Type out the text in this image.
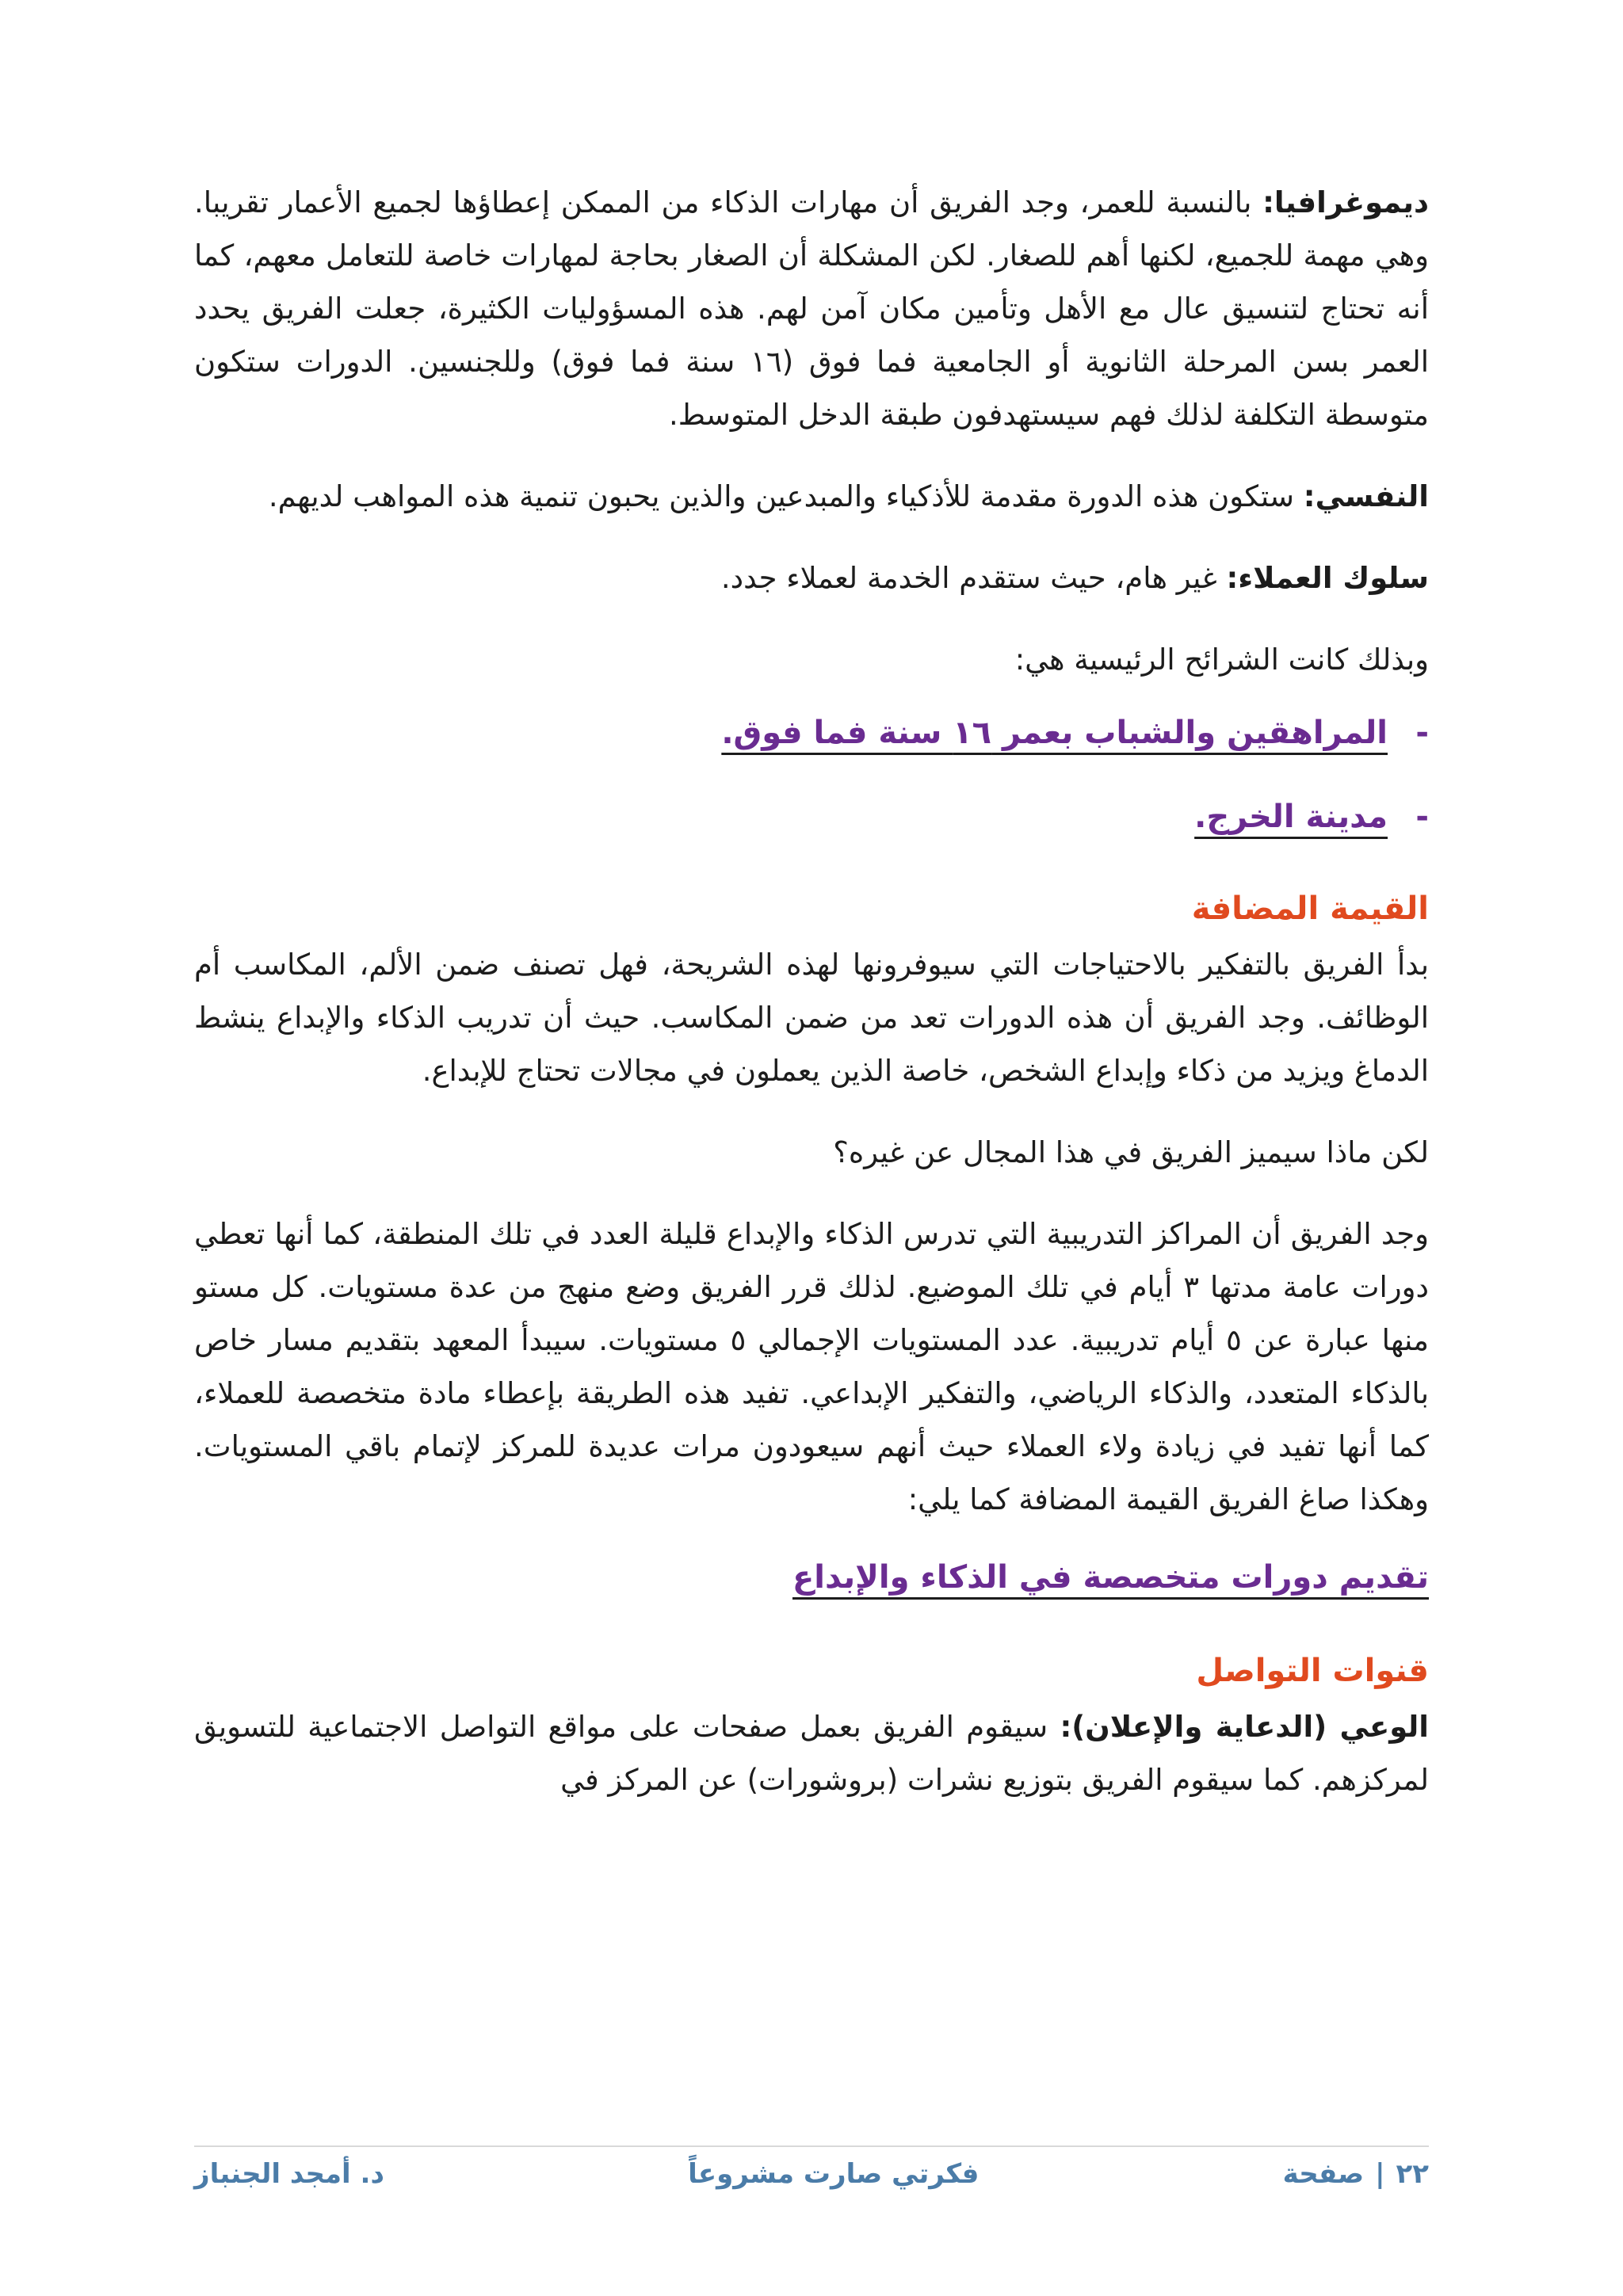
ديموغرافيا: بالنسبة للعمر، وجد الفريق أن مهارات الذكاء من الممكن إعطاؤها لجميع الأعمار تقريبا. وهي مهمة للجميع، لكنها أهم للصغار. لكن المشكلة أن الصغار بحاجة لمهارات خاصة للتعامل معهم، كما أنه تحتاج لتنسيق عال مع الأهل وتأمين مكان آمن لهم. هذه المسؤوليات الكثيرة، جعلت الفريق يحدد العمر بسن المرحلة الثانوية أو الجامعية فما فوق (١٦ سنة فما فوق) وللجنسين. الدورات ستكون متوسطة التكلفة لذلك فهم سيستهدفون طبقة الدخل المتوسط.

النفسي: ستكون هذه الدورة مقدمة للأذكياء والمبدعين والذين يحبون تنمية هذه المواهب لديهم.

سلوك العملاء: غير هام، حيث ستقدم الخدمة لعملاء جدد.

وبذلك كانت الشرائح الرئيسية هي:

-
المراهقين والشباب بعمر ١٦ سنة فما فوق.
-
مدينة الخرج.
القيمة المضافة

بدأ الفريق بالتفكير بالاحتياجات التي سيوفرونها لهذه الشريحة، فهل تصنف ضمن الألم، المكاسب أم الوظائف. وجد الفريق أن هذه الدورات تعد من ضمن المكاسب. حيث أن تدريب الذكاء والإبداع ينشط الدماغ ويزيد من ذكاء وإبداع الشخص، خاصة الذين يعملون في مجالات تحتاج للإبداع.

لكن ماذا سيميز الفريق في هذا المجال عن غيره؟

وجد الفريق أن المراكز التدريبية التي تدرس الذكاء والإبداع قليلة العدد في تلك المنطقة، كما أنها تعطي دورات عامة مدتها ٣ أيام في تلك الموضيع. لذلك قرر الفريق وضع منهج من عدة مستويات. كل مستو منها عبارة عن ٥ أيام تدريبية. عدد المستويات الإجمالي ٥ مستويات. سيبدأ المعهد بتقديم مسار خاص بالذكاء المتعدد، والذكاء الرياضي، والتفكير الإبداعي. تفيد هذه الطريقة بإعطاء مادة متخصصة للعملاء، كما أنها تفيد في زيادة ولاء العملاء حيث أنهم سيعودون مرات عديدة للمركز لإتمام باقي المستويات. وهكذا صاغ الفريق القيمة المضافة كما يلي:

تقديم دورات متخصصة في الذكاء والإبداع

قنوات التواصل

الوعي (الدعاية والإعلان): سيقوم الفريق بعمل صفحات على مواقع التواصل الاجتماعية للتسويق لمركزهم. كما سيقوم الفريق بتوزيع نشرات (بروشورات) عن المركز في

٢٢
|
صفحة
فكرتي صارت مشروعاً
د. أمجد الجنباز
